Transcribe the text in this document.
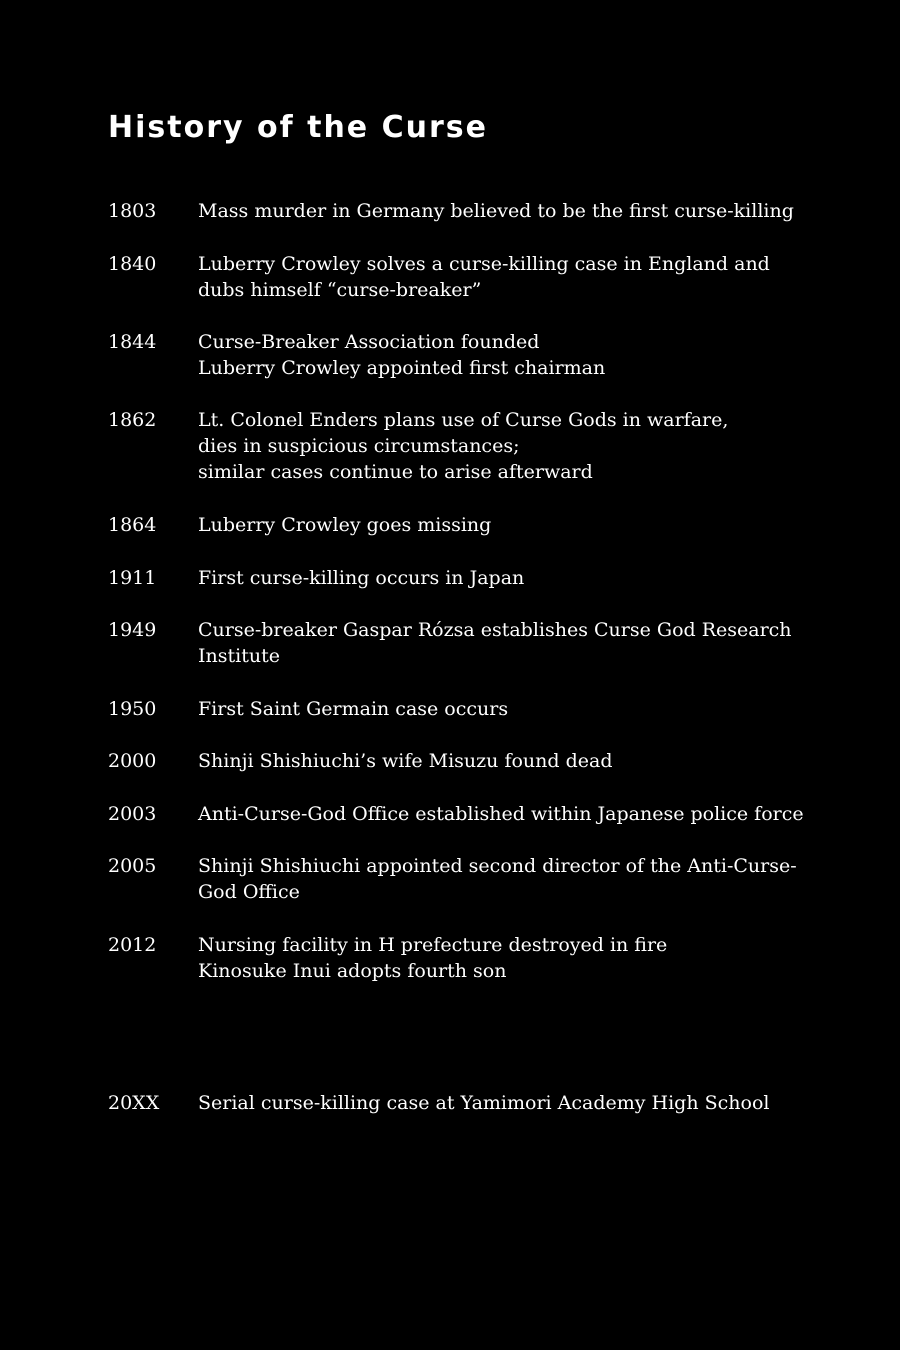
History of the Curse
1803	Mass murder in Germany believed to be the first curse-killing
1840	Luberry Crowley solves a curse-killing case in England and
dubs himself “curse-breaker”
1844	Curse-Breaker Association founded
Luberry Crowley appointed first chairman
1862	Lt. Colonel Enders plans use of Curse Gods in warfare,
dies in suspicious circumstances;
similar cases continue to arise afterward
1864	Luberry Crowley goes missing
1911	First curse-killing occurs in Japan
1949	Curse-breaker Gaspar Rózsa establishes Curse God Research
Institute
1950	First Saint Germain case occurs
2000	Shinji Shishiuchi’s wife Misuzu found dead
2003	Anti-Curse-God Office established within Japanese police force
2005	Shinji Shishiuchi appointed second director of the Anti-Curse-
God Office
2012	Nursing facility in H prefecture destroyed in fire
Kinosuke Inui adopts fourth son
20XX	Serial curse-killing case at Yamimori Academy High School
